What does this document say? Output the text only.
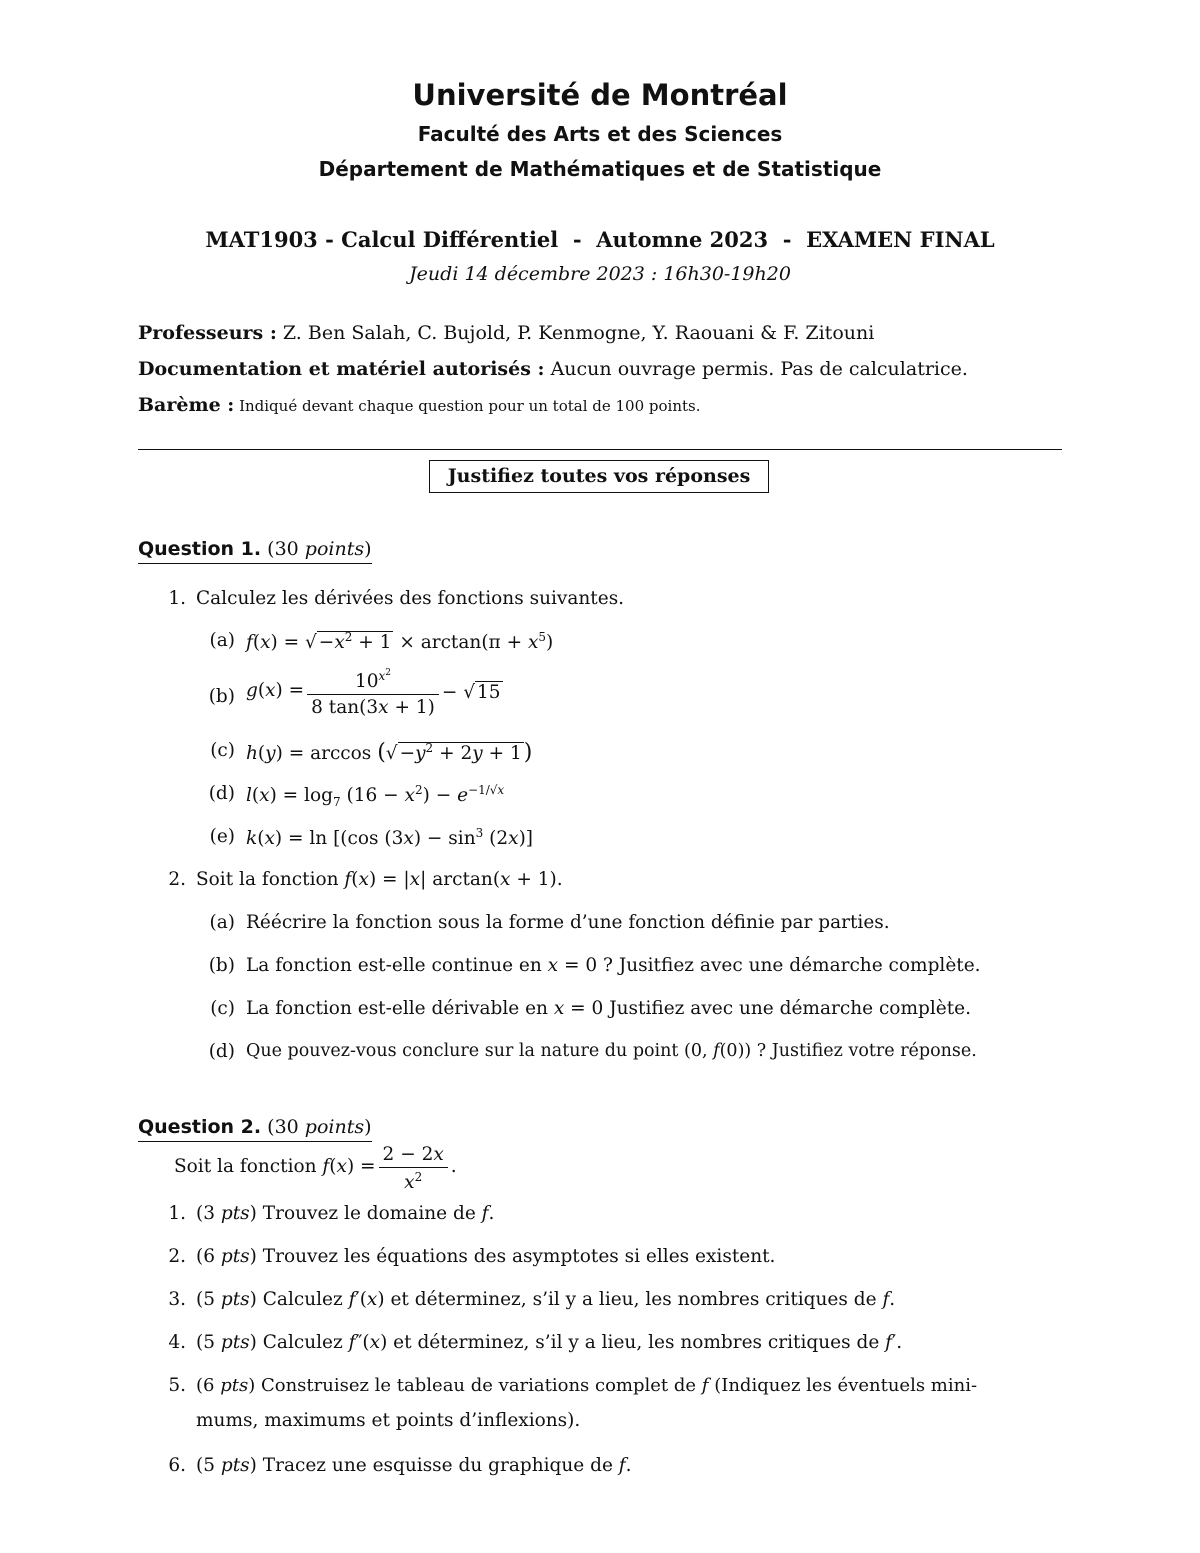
Université de Montréal
Faculté des Arts et des Sciences
Département de Mathématiques et de Statistique
MAT1903 - Calcul Différentiel  -  Automne 2023  -  EXAMEN FINAL
Jeudi 14 décembre 2023 : 16h30-19h20
Professeurs : Z. Ben Salah, C. Bujold, P. Kenmogne, Y. Raouani & F. Zitouni
Documentation et matériel autorisés : Aucun ouvrage permis. Pas de calculatrice.
Barème : Indiqué devant chaque question pour un total de 100 points.
Justifiez toutes vos réponses
Question 1. (30 points)
1. Calculez les dérivées des fonctions suivantes.
(a) f(x) = √ $-x^2 + 1 \times \arctan(\pi + x^5)$
(b) $g(x) = \frac{10^{x^2}}{8 \tan(3x + 1)}$ − √ 15
(c) h(y) = arccos (√ $-y^2 + 2y + 1$)
(d) $l(x) = \log_7 (16 - x^2) - e^{-1/√x}$
(e) k(x) = ln [(cos $(3x) - \sin^3 (2x)$]
2. Soit la fonction f(x) = |x| arctan(x + 1).
(a) Réécrire la fonction sous la forme d’une fonction définie par parties.
(b) La fonction est-elle continue en x = 0 ? Jusitfiez avec une démarche complète.
(c) La fonction est-elle dérivable en x = 0 Justifiez avec une démarche complète.
(d) Que pouvez-vous conclure sur la nature du point (0, f(0)) ? Justifiez votre réponse.
Question 2. (30 points)
Soit la fonction $f(x) = \frac{2 - 2x}{x^2}$ .
1. (3 pts) Trouvez le domaine de f.
2. (6 pts) Trouvez les équations des asymptotes si elles existent.
3. (5 pts) Calculez f′(x) et déterminez, s’il y a lieu, les nombres critiques de f.
4. (5 pts) Calculez f″(x) et déterminez, s’il y a lieu, les nombres critiques de f′.
5. (6 pts) Construisez le tableau de variations complet de f (Indiquez les éventuels mini-
mums, maximums et points d’inflexions).
6. (5 pts) Tracez une esquisse du graphique de f.
